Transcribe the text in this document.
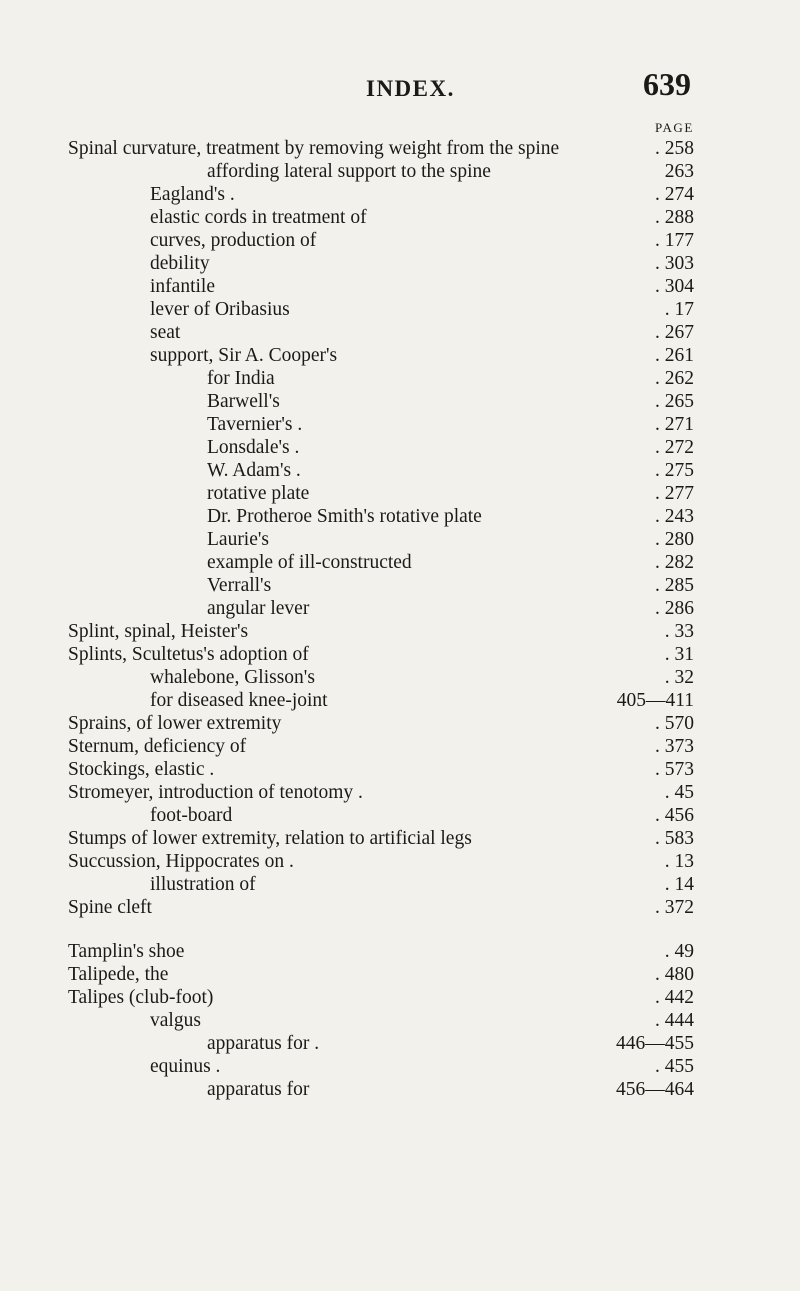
INDEX.	639
PAGE
Spinal curvature, treatment by removing weight from the spine	. 258
affording lateral support to the spine	263
Eagland's .	. 274
elastic cords in treatment of	. 288
curves, production of	. 177
debility	. 303
infantile	. 304
lever of Oribasius	. 17
seat	. 267
support, Sir A. Cooper's	. 261
for India	. 262
Barwell's	. 265
Tavernier's .	. 271
Lonsdale's .	. 272
W. Adam's .	. 275
rotative plate	. 277
Dr. Protheroe Smith's rotative plate	. 243
Laurie's	. 280
example of ill-constructed	. 282
Verrall's	. 285
angular lever	. 286
Splint, spinal, Heister's	. 33
Splints, Scultetus's adoption of	. 31
whalebone, Glisson's	. 32
for diseased knee-joint	405—411
Sprains, of lower extremity	. 570
Sternum, deficiency of	. 373
Stockings, elastic .	. 573
Stromeyer, introduction of tenotomy .	. 45
foot-board	. 456
Stumps of lower extremity, relation to artificial legs	. 583
Succussion, Hippocrates on .	. 13
illustration of	. 14
Spine cleft	. 372
Tamplin's shoe	. 49
Talipede, the	. 480
Talipes (club-foot)	. 442
valgus	. 444
apparatus for .	446—455
equinus .	. 455
apparatus for	456—464
